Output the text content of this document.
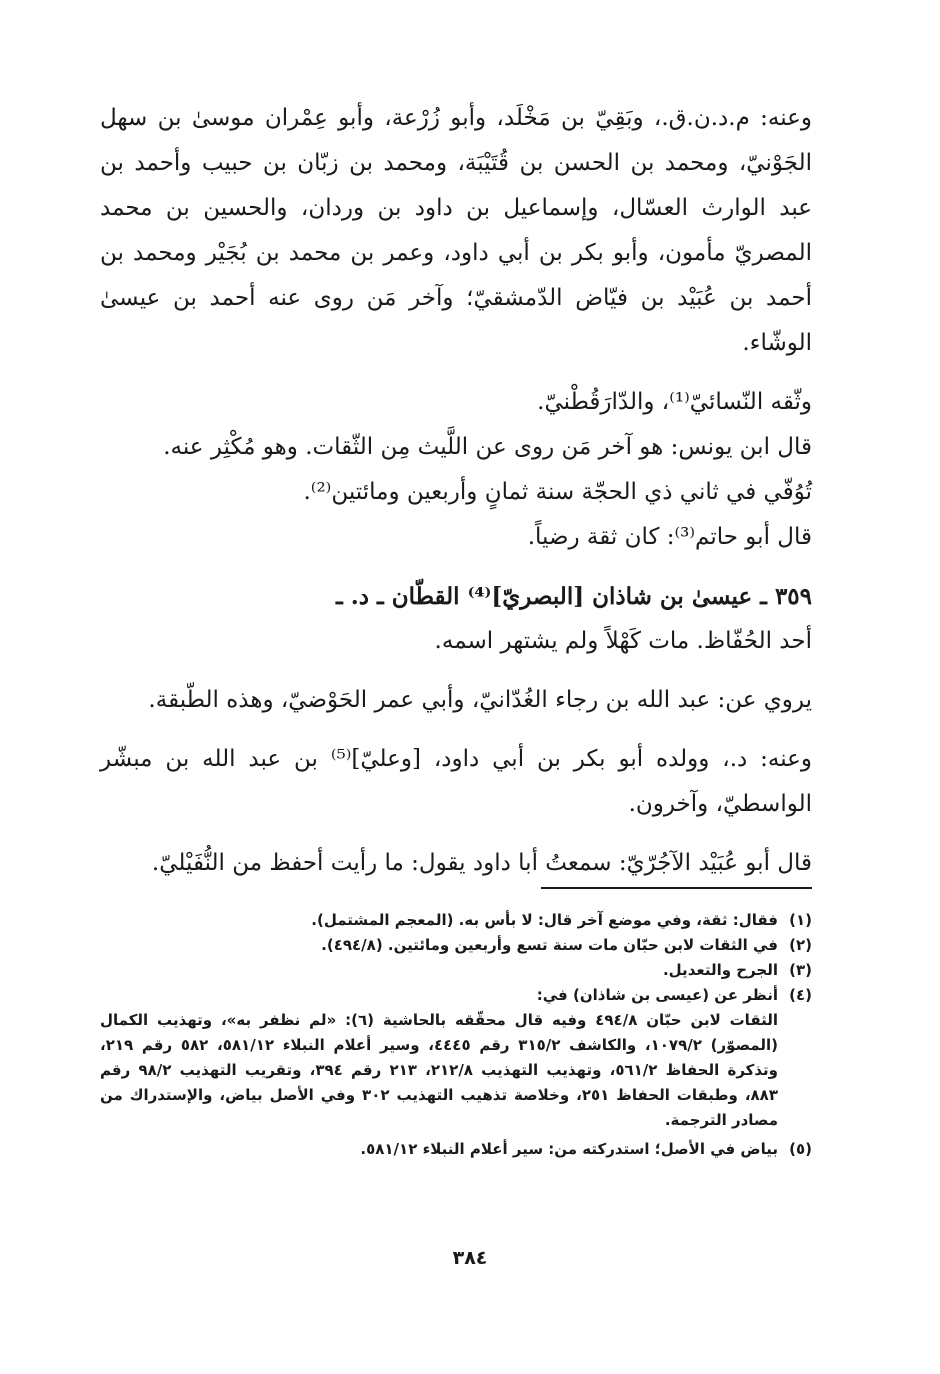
وعنه: م.د.ن.ق.، وبَقِيّ بن مَخْلَد، وأبو زُرْعة، وأبو عِمْران موسىٰ بن سهل الجَوْنيّ، ومحمد بن الحسن بن قُتَيْبَة، ومحمد بن زبّان بن حبيب وأحمد بن عبد الوارث العسّال، وإسماعيل بن داود بن وردان، والحسين بن محمد المصريّ مأمون، وأبو بكر بن أبي داود، وعمر بن محمد بن بُجَيْر ومحمد بن أحمد بن عُبَيْد بن فيّاض الدّمشقيّ؛ وآخر مَن روى عنه أحمد بن عيسىٰ الوشّاء.

وثّقه النّسائيّ⁽¹⁾، والدّارَقُطْنيّ.

قال ابن يونس: هو آخر مَن روى عن اللَّيث مِن الثّقات. وهو مُكْثِر عنه.

تُوُفّي في ثاني ذي الحجّة سنة ثمانٍ وأربعين ومائتين⁽²⁾.

قال أبو حاتم⁽³⁾: كان ثقة رضياً.

٣٥٩ ـ عيسىٰ بن شاذان [البصريّ]⁽⁴⁾ القطّان ـ د. ـ

أحد الحُفّاظ. مات كَهْلاً ولم يشتهر اسمه.

يروي عن: عبد الله بن رجاء الغُدّانيّ، وأبي عمر الحَوْضيّ، وهذه الطّبقة.

وعنه: د.، وولده أبو بكر بن أبي داود، [وعليّ]⁽⁵⁾ بن عبد الله بن مبشّر الواسطيّ، وآخرون.

قال أبو عُبَيْد الآجُرّيّ: سمعتُ أبا داود يقول: ما رأيت أحفظ من النُّفَيْليّ.

(١)
فقال: ثقة، وفي موضع آخر قال: لا بأس به. (المعجم المشتمل).
(٢)
في الثقات لابن حبّان مات سنة تسع وأربعين ومائتين. (٤٩٤/٨).
(٣)
الجرح والتعديل.
(٤)
أنظر عن (عيسى بن شاذان) في:
الثقات لابن حبّان ٤٩٤/٨ وفيه قال محقّقه بالحاشية (٦): «لم نظفر به»، وتهذيب الكمال (المصوّر) ١٠٧٩/٢، والكاشف ٣١٥/٢ رقم ٤٤٤٥، وسير أعلام النبلاء ٥٨١/١٢، ٥٨٢ رقم ٢١٩، وتذكرة الحفاظ ٥٦١/٢، وتهذيب التهذيب ٢١٢/٨، ٢١٣ رقم ٣٩٤، وتقريب التهذيب ٩٨/٢ رقم ٨٨٣، وطبقات الحفاظ ٢٥١، وخلاصة تذهيب التهذيب ٣٠٢ وفي الأصل بياض، والإستدراك من مصادر الترجمة.
(٥)
بياض في الأصل؛ استدركته من: سير أعلام النبلاء ٥٨١/١٢.
٣٨٤
